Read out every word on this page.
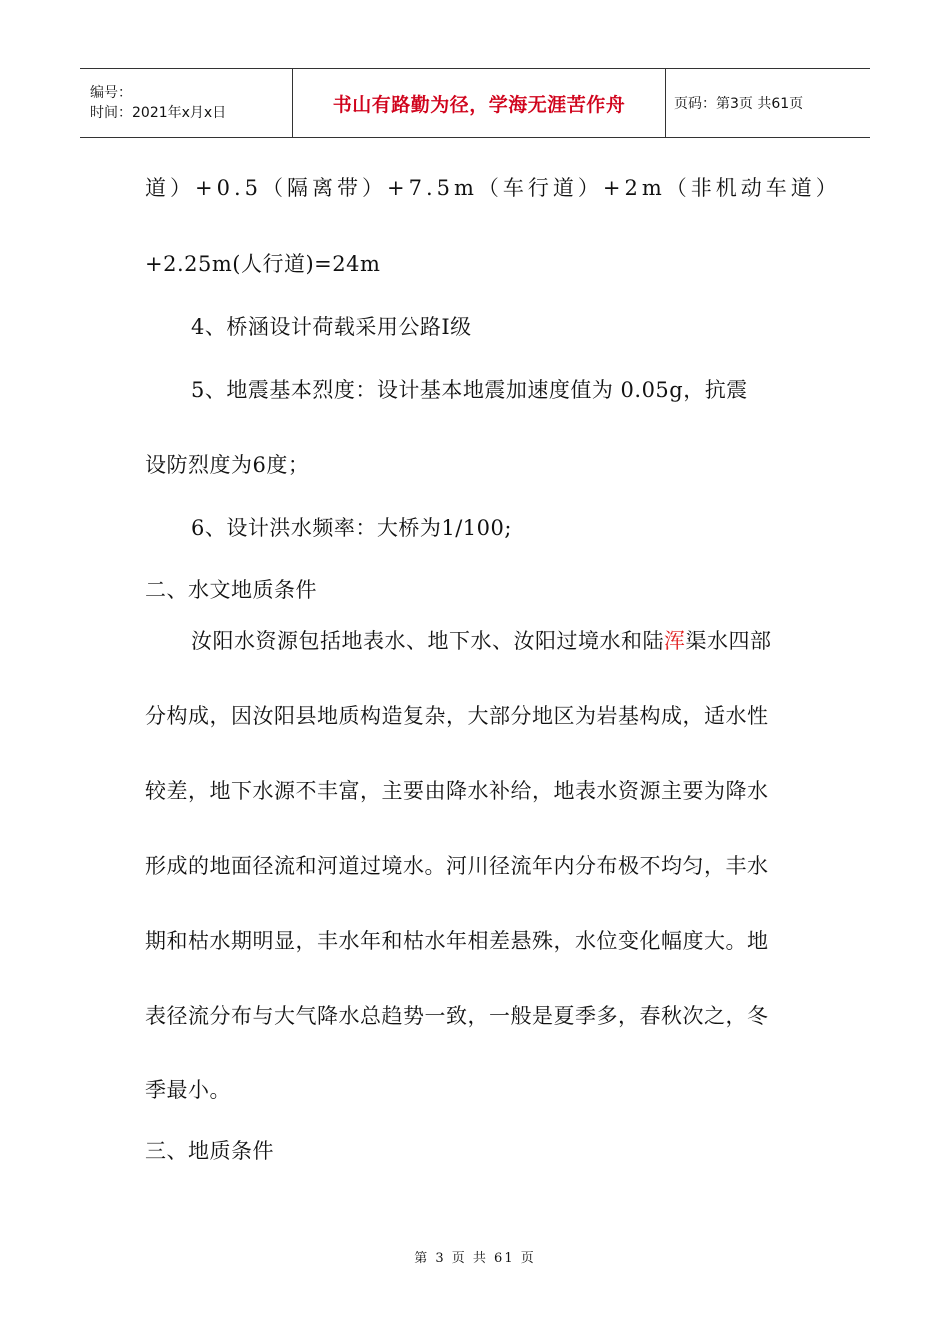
编号：
时间：2021年x月x日	书山有路勤为径，学海无涯苦作舟	页码：第3页 共61页
道）+0.5（隔离带）+7.5m（车行道）+2m（非机动车道）
+2.25m(人行道)=24m
4、桥涵设计荷载采用公路Ⅰ级
5、地震基本烈度：设计基本地震加速度值为 0.05g，抗震
设防烈度为6度；
6、设计洪水频率：大桥为1/100;
二、水文地质条件
汝阳水资源包括地表水、地下水、汝阳过境水和陆浑渠水四部
分构成，因汝阳县地质构造复杂，大部分地区为岩基构成，适水性
较差，地下水源不丰富，主要由降水补给，地表水资源主要为降水
形成的地面径流和河道过境水。河川径流年内分布极不均匀，丰水
期和枯水期明显，丰水年和枯水年相差悬殊，水位变化幅度大。地
表径流分布与大气降水总趋势一致，一般是夏季多，春秋次之，冬
季最小。
三、地质条件
第 3 页 共 61 页
